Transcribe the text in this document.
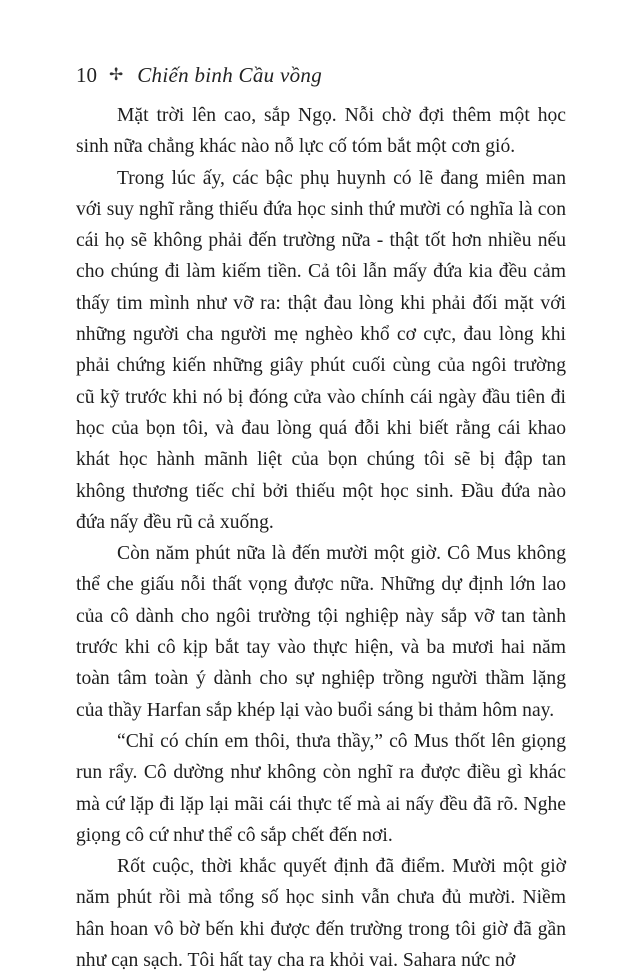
10 ✢ Chiến binh Cầu vồng

Mặt trời lên cao, sắp Ngọ. Nỗi chờ đợi thêm một học sinh nữa chẳng khác nào nỗ lực cố tóm bắt một cơn gió.

Trong lúc ấy, các bậc phụ huynh có lẽ đang miên man với suy nghĩ rằng thiếu đứa học sinh thứ mười có nghĩa là con cái họ sẽ không phải đến trường nữa - thật tốt hơn nhiều nếu cho chúng đi làm kiếm tiền. Cả tôi lẫn mấy đứa kia đều cảm thấy tim mình như vỡ ra: thật đau lòng khi phải đối mặt với những người cha người mẹ nghèo khổ cơ cực, đau lòng khi phải chứng kiến những giây phút cuối cùng của ngôi trường cũ kỹ trước khi nó bị đóng cửa vào chính cái ngày đầu tiên đi học của bọn tôi, và đau lòng quá đỗi khi biết rằng cái khao khát học hành mãnh liệt của bọn chúng tôi sẽ bị đập tan không thương tiếc chỉ bởi thiếu một học sinh. Đầu đứa nào đứa nấy đều rũ cả xuống.

Còn năm phút nữa là đến mười một giờ. Cô Mus không thể che giấu nỗi thất vọng được nữa. Những dự định lớn lao của cô dành cho ngôi trường tội nghiệp này sắp vỡ tan tành trước khi cô kịp bắt tay vào thực hiện, và ba mươi hai năm toàn tâm toàn ý dành cho sự nghiệp trồng người thầm lặng của thầy Harfan sắp khép lại vào buổi sáng bi thảm hôm nay.

“Chỉ có chín em thôi, thưa thầy,” cô Mus thốt lên giọng run rẩy. Cô dường như không còn nghĩ ra được điều gì khác mà cứ lặp đi lặp lại mãi cái thực tế mà ai nấy đều đã rõ. Nghe giọng cô cứ như thể cô sắp chết đến nơi.

Rốt cuộc, thời khắc quyết định đã điểm. Mười một giờ năm phút rồi mà tổng số học sinh vẫn chưa đủ mười. Niềm hân hoan vô bờ bến khi được đến trường trong tôi giờ đã gần như cạn sạch. Tôi hất tay cha ra khỏi vai. Sahara nức nở
